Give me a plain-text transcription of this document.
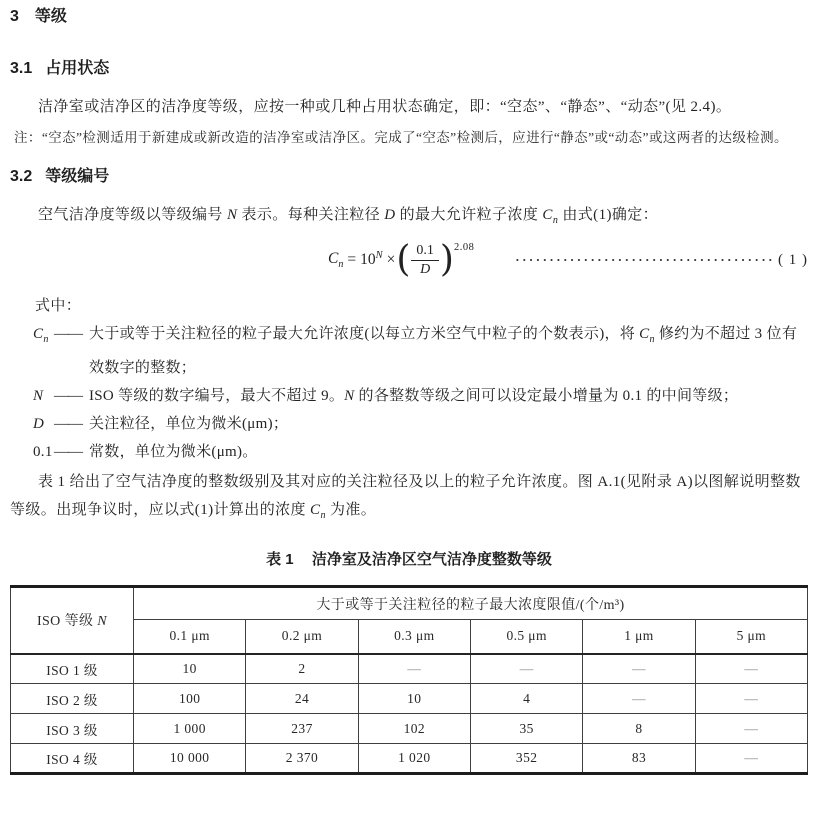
3 等级
3.1 占用状态

洁净室或洁净区的洁净度等级，应按一种或几种占用状态确定，即：“空态”、“静态”、“动态”(见 2.4)。

注：“空态”检测适用于新建成或新改造的洁净室或洁净区。完成了“空态”检测后，应进行“静态”或“动态”或这两者的达级检测。

3.2 等级编号

空气洁净度等级以等级编号 N 表示。每种关注粒径 D 的最大允许粒子浓度 $C_n$ 由式(1)确定：

$C_n = 10^N$ × ( $\frac{0.1}{D}$ ) 2.08
······································ ( 1 )
式中：
$C_n$ —— 大于或等于关注粒径的粒子最大允许浓度(以每立方米空气中粒子的个数表示)，将 $C_n$ 修约为不超过 3 位有效数字的整数；
N —— ISO 等级的数字编号，最大不超过 9。N 的各整数等级之间可以设定最小增量为 0.1 的中间等级；
D —— 关注粒径，单位为微米(μm)；
0.1 —— 常数，单位为微米(μm)。

表 1 给出了空气洁净度的整数级别及其对应的关注粒径及以上的粒子允许浓度。图 A.1(见附录 A)以图解说明整数等级。出现争议时，应以式(1)计算出的浓度 $C_n$ 为准。

表 1 洁净室及洁净区空气洁净度整数等级
ISO 等级 N	大于或等于关注粒径的粒子最大浓度限值/(个/m³)					
	0.1 μm	0.2 μm	0.3 μm	0.5 μm	1 μm	5 μm
ISO 1 级	10	2	—	—	—	—
ISO 2 级	100	24	10	4	—	—
ISO 3 级	1 000	237	102	35	8	—
ISO 4 级	10 000	2 370	1 020	352	83	—
